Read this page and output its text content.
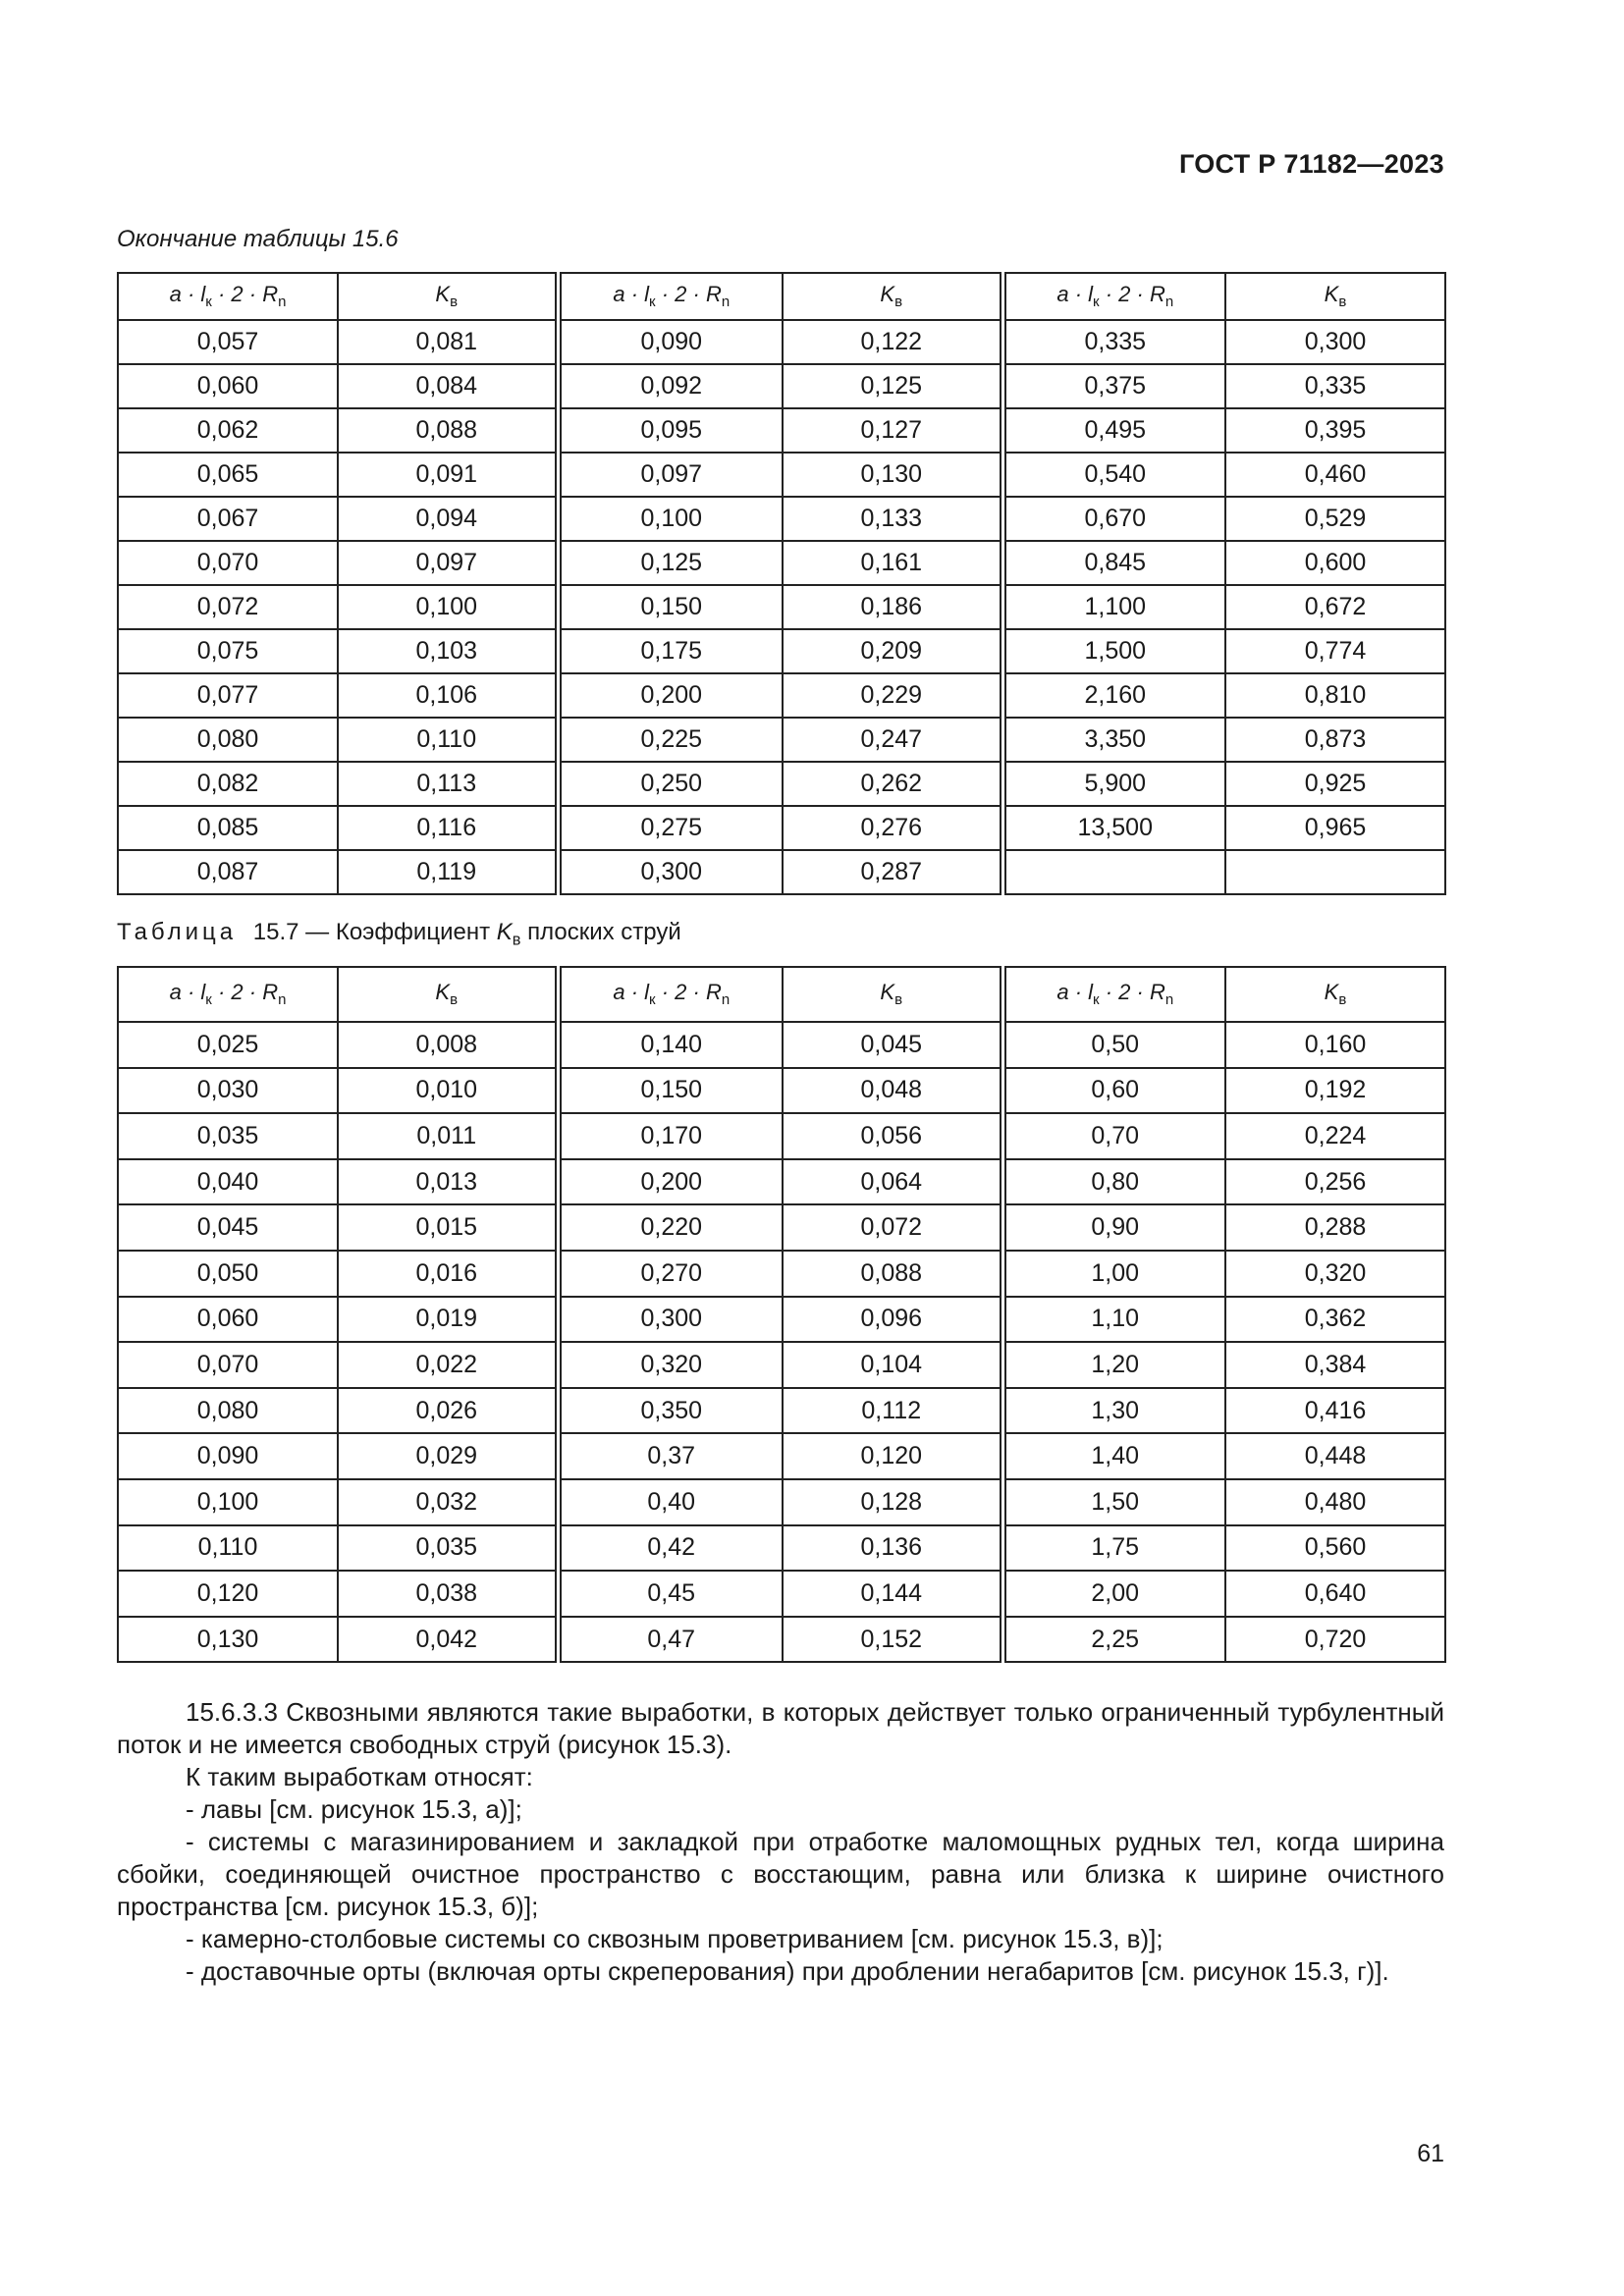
ГОСТ Р 71182—2023
Окончание таблицы 15.6
$a \cdot l_к \cdot 2 \cdot R_n$	$K_в$	$a \cdot l_к \cdot 2 \cdot R_n$	$K_в$	$a \cdot l_к \cdot 2 \cdot R_n$	$K_в$
0,057	0,081	0,090	0,122	0,335	0,300
0,060	0,084	0,092	0,125	0,375	0,335
0,062	0,088	0,095	0,127	0,495	0,395
0,065	0,091	0,097	0,130	0,540	0,460
0,067	0,094	0,100	0,133	0,670	0,529
0,070	0,097	0,125	0,161	0,845	0,600
0,072	0,100	0,150	0,186	1,100	0,672
0,075	0,103	0,175	0,209	1,500	0,774
0,077	0,106	0,200	0,229	2,160	0,810
0,080	0,110	0,225	0,247	3,350	0,873
0,082	0,113	0,250	0,262	5,900	0,925
0,085	0,116	0,275	0,276	13,500	0,965
0,087	0,119	0,300	0,287		
Таблица 15.7 — Коэффициент $K_в$ плоских струй
$a \cdot l_к \cdot 2 \cdot R_n$	$K_в$	$a \cdot l_к \cdot 2 \cdot R_n$	$K_в$	$a \cdot l_к \cdot 2 \cdot R_n$	$K_в$
0,025	0,008	0,140	0,045	0,50	0,160
0,030	0,010	0,150	0,048	0,60	0,192
0,035	0,011	0,170	0,056	0,70	0,224
0,040	0,013	0,200	0,064	0,80	0,256
0,045	0,015	0,220	0,072	0,90	0,288
0,050	0,016	0,270	0,088	1,00	0,320
0,060	0,019	0,300	0,096	1,10	0,362
0,070	0,022	0,320	0,104	1,20	0,384
0,080	0,026	0,350	0,112	1,30	0,416
0,090	0,029	0,37	0,120	1,40	0,448
0,100	0,032	0,40	0,128	1,50	0,480
0,110	0,035	0,42	0,136	1,75	0,560
0,120	0,038	0,45	0,144	2,00	0,640
0,130	0,042	0,47	0,152	2,25	0,720

15.6.3.3 Сквозными являются такие выработки, в которых действует только ограниченный турбулентный поток и не имеется свободных струй (рисунок 15.3).

К таким выработкам относят:

- лавы [см. рисунок 15.3, а)];

- системы с магазинированием и закладкой при отработке маломощных рудных тел, когда ширина сбойки, соединяющей очистное пространство с восстающим, равна или близка к ширине очистного пространства [см. рисунок 15.3, б)];

- камерно-столбовые системы со сквозным проветриванием [см. рисунок 15.3, в)];

- доставочные орты (включая орты скреперования) при дроблении негабаритов [см. рисунок 15.3, г)].

61
